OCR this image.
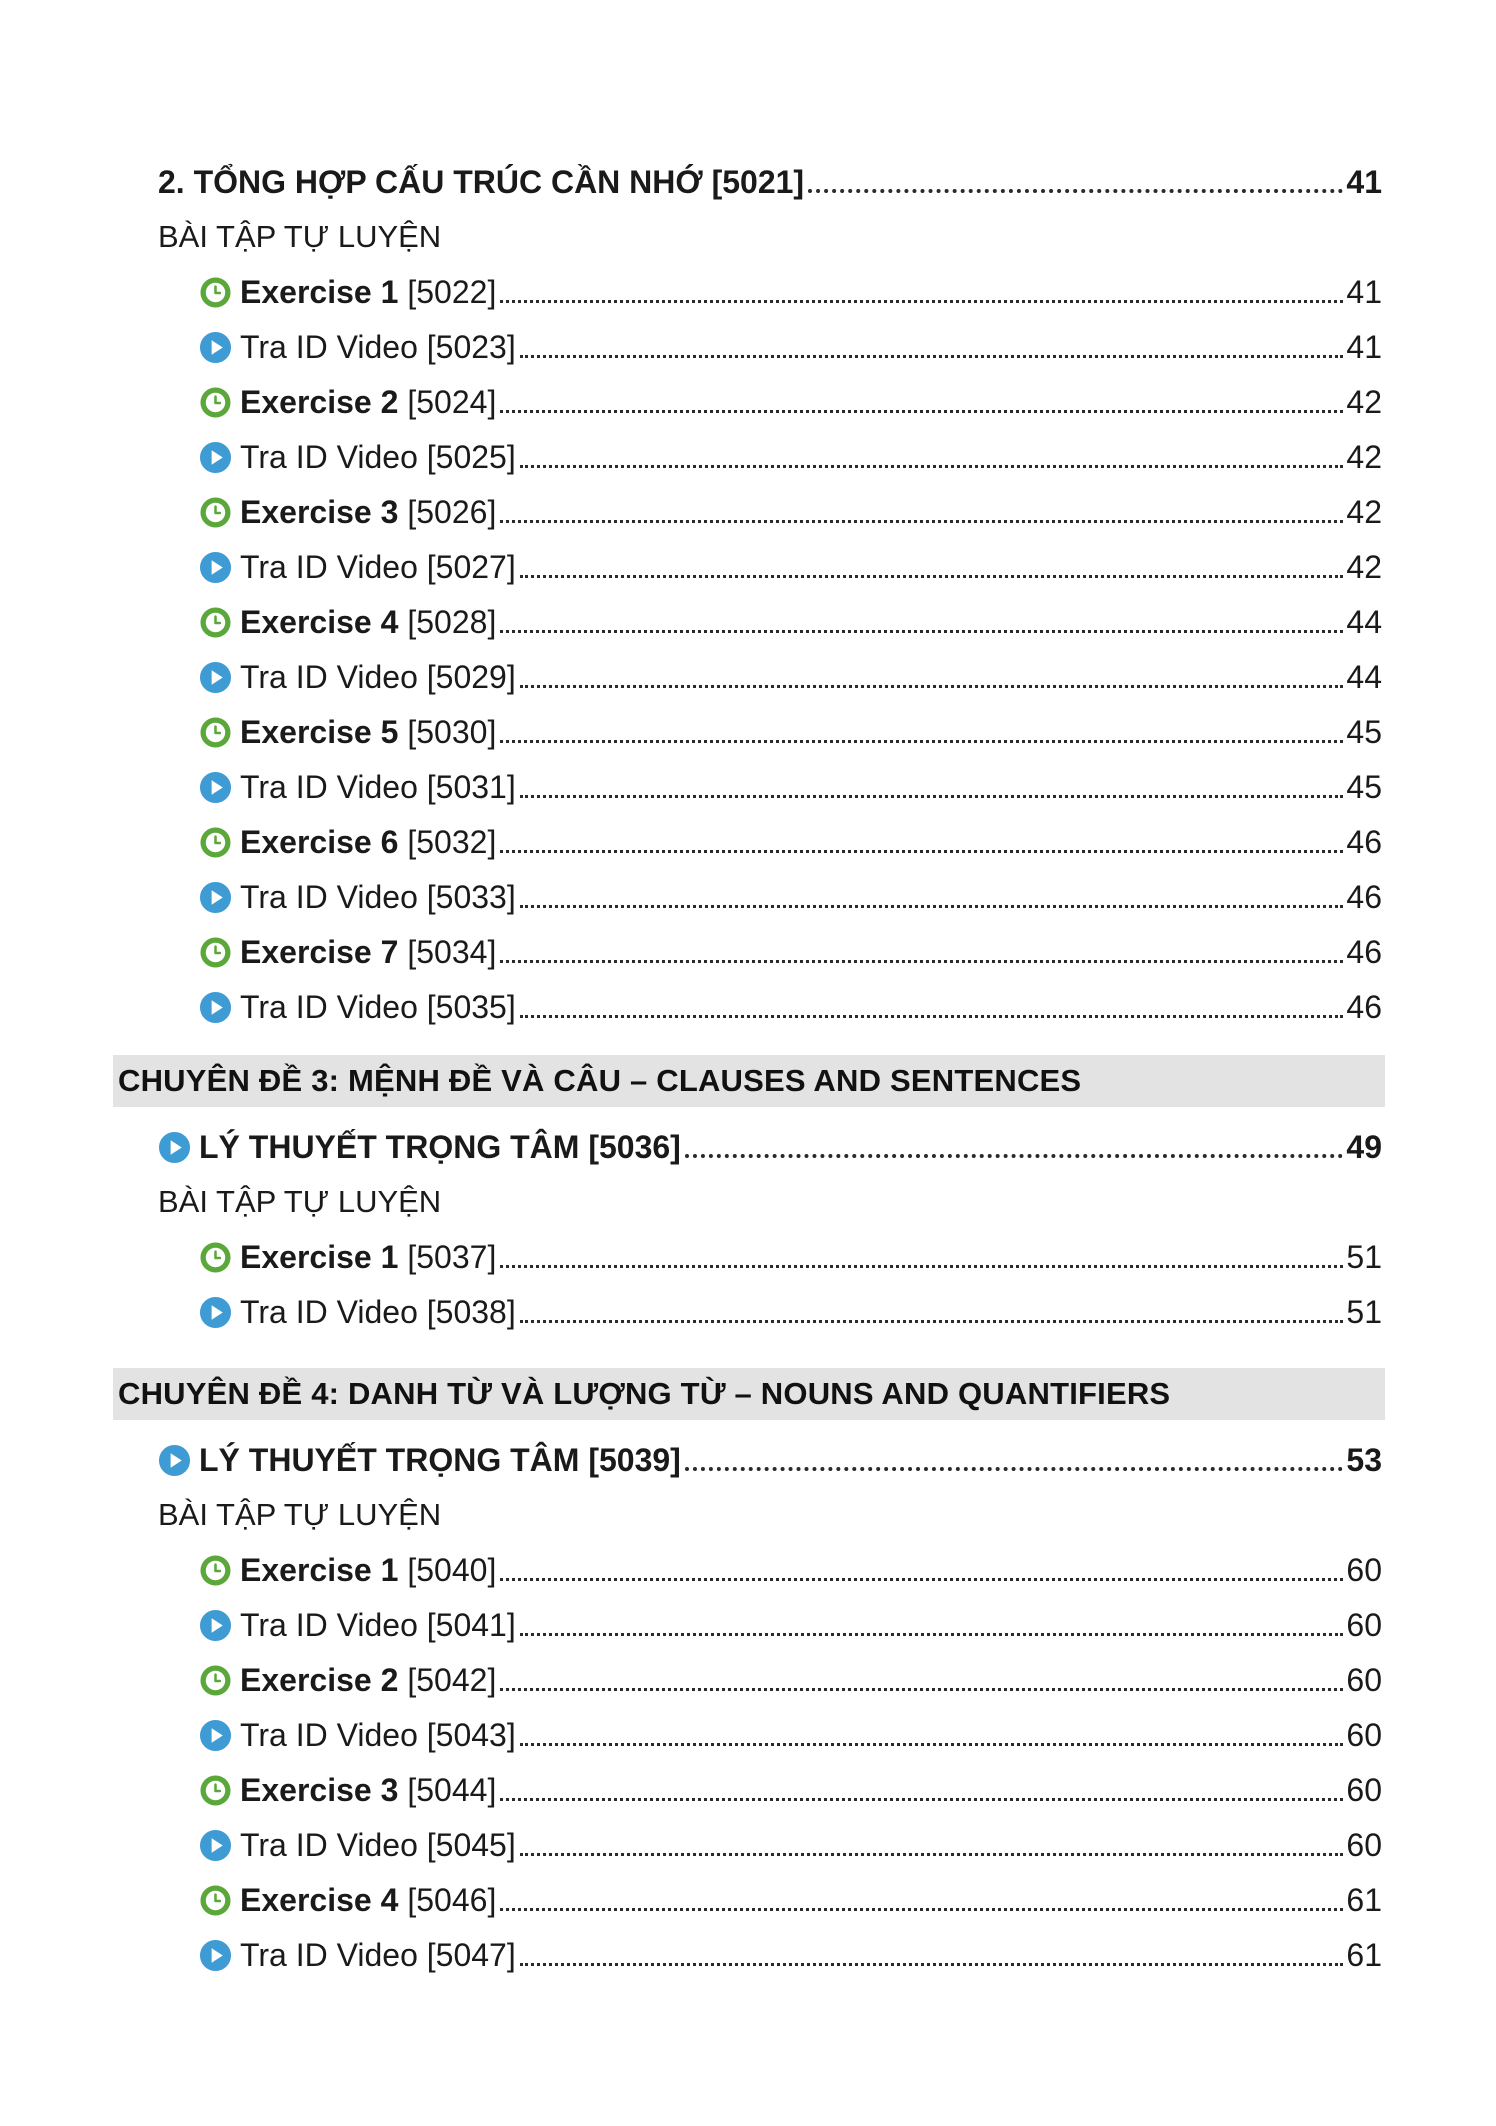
2. TỔNG HỢP CẤU TRÚC CẦN NHỚ [5021]	41
BÀI TẬP TỰ LUYỆN
Exercise 1 [5022]	41
Tra ID Video [5023]	41
Exercise 2 [5024]	42
Tra ID Video [5025]	42
Exercise 3 [5026]	42
Tra ID Video [5027]	42
Exercise 4 [5028]	44
Tra ID Video [5029]	44
Exercise 5 [5030]	45
Tra ID Video [5031]	45
Exercise 6 [5032]	46
Tra ID Video [5033]	46
Exercise 7 [5034]	46
Tra ID Video [5035]	46
CHUYÊN ĐỀ 3: MỆNH ĐỀ VÀ CÂU – CLAUSES AND SENTENCES
LÝ THUYẾT TRỌNG TÂM [5036]	49
BÀI TẬP TỰ LUYỆN
Exercise 1 [5037]	51
Tra ID Video [5038]	51
CHUYÊN ĐỀ 4: DANH TỪ VÀ LƯỢNG TỪ – NOUNS AND QUANTIFIERS
LÝ THUYẾT TRỌNG TÂM [5039]	53
BÀI TẬP TỰ LUYỆN
Exercise 1 [5040]	60
Tra ID Video [5041]	60
Exercise 2 [5042]	60
Tra ID Video [5043]	60
Exercise 3 [5044]	60
Tra ID Video [5045]	60
Exercise 4 [5046]	61
Tra ID Video [5047]	61
